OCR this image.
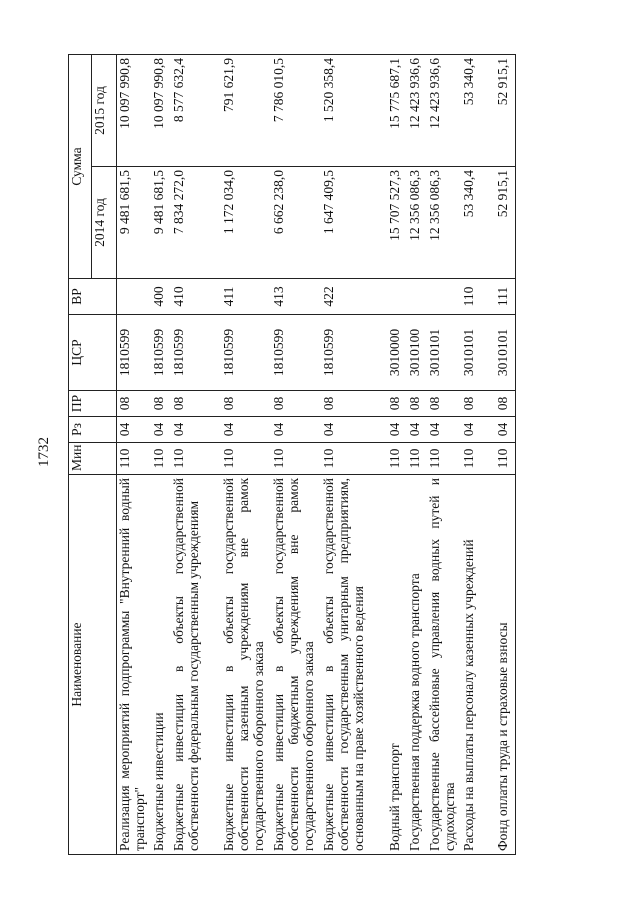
1732
Наименование	Мин	Рз	ПР	ЦСР	ВР	Сумма	
						2014 год	2015 год
Реализация мероприятий подпрограммы "Внутренний водный транспорт"	110	04	08	1810599		9 481 681,5	10 097 990,8
Бюджетные инвестиции	110	04	08	1810599	400	9 481 681,5	10 097 990,8
Бюджетные инвестиции в объекты государственной собственности федеральным государственным учреждениям	110	04	08	1810599	410	7 834 272,0	8 577 632,4
Бюджетные инвестиции в объекты государственной собственности казенным учреждениям вне рамок государственного оборонного заказа	110	04	08	1810599	411	1 172 034,0	791 621,9
Бюджетные инвестиции в объекты государственной собственности бюджетным учреждениям вне рамок государственного оборонного заказа	110	04	08	1810599	413	6 662 238,0	7 786 010,5
Бюджетные инвестиции в объекты государственной собственности государственным унитарным предприятиям, основанным на праве хозяйственного ведения	110	04	08	1810599	422	1 647 409,5	1 520 358,4
Водный транспорт	110	04	08	3010000		15 707 527,3	15 775 687,1
Государственная поддержка водного транспорта	110	04	08	3010100		12 356 086,3	12 423 936,6
Государственные бассейновые управления водных путей и судоходства	110	04	08	3010101		12 356 086,3	12 423 936,6
Расходы на выплаты персоналу казенных учреждений	110	04	08	3010101	110	53 340,4	53 340,4
Фонд оплаты труда и страховые взносы	110	04	08	3010101	111	52 915,1	52 915,1
